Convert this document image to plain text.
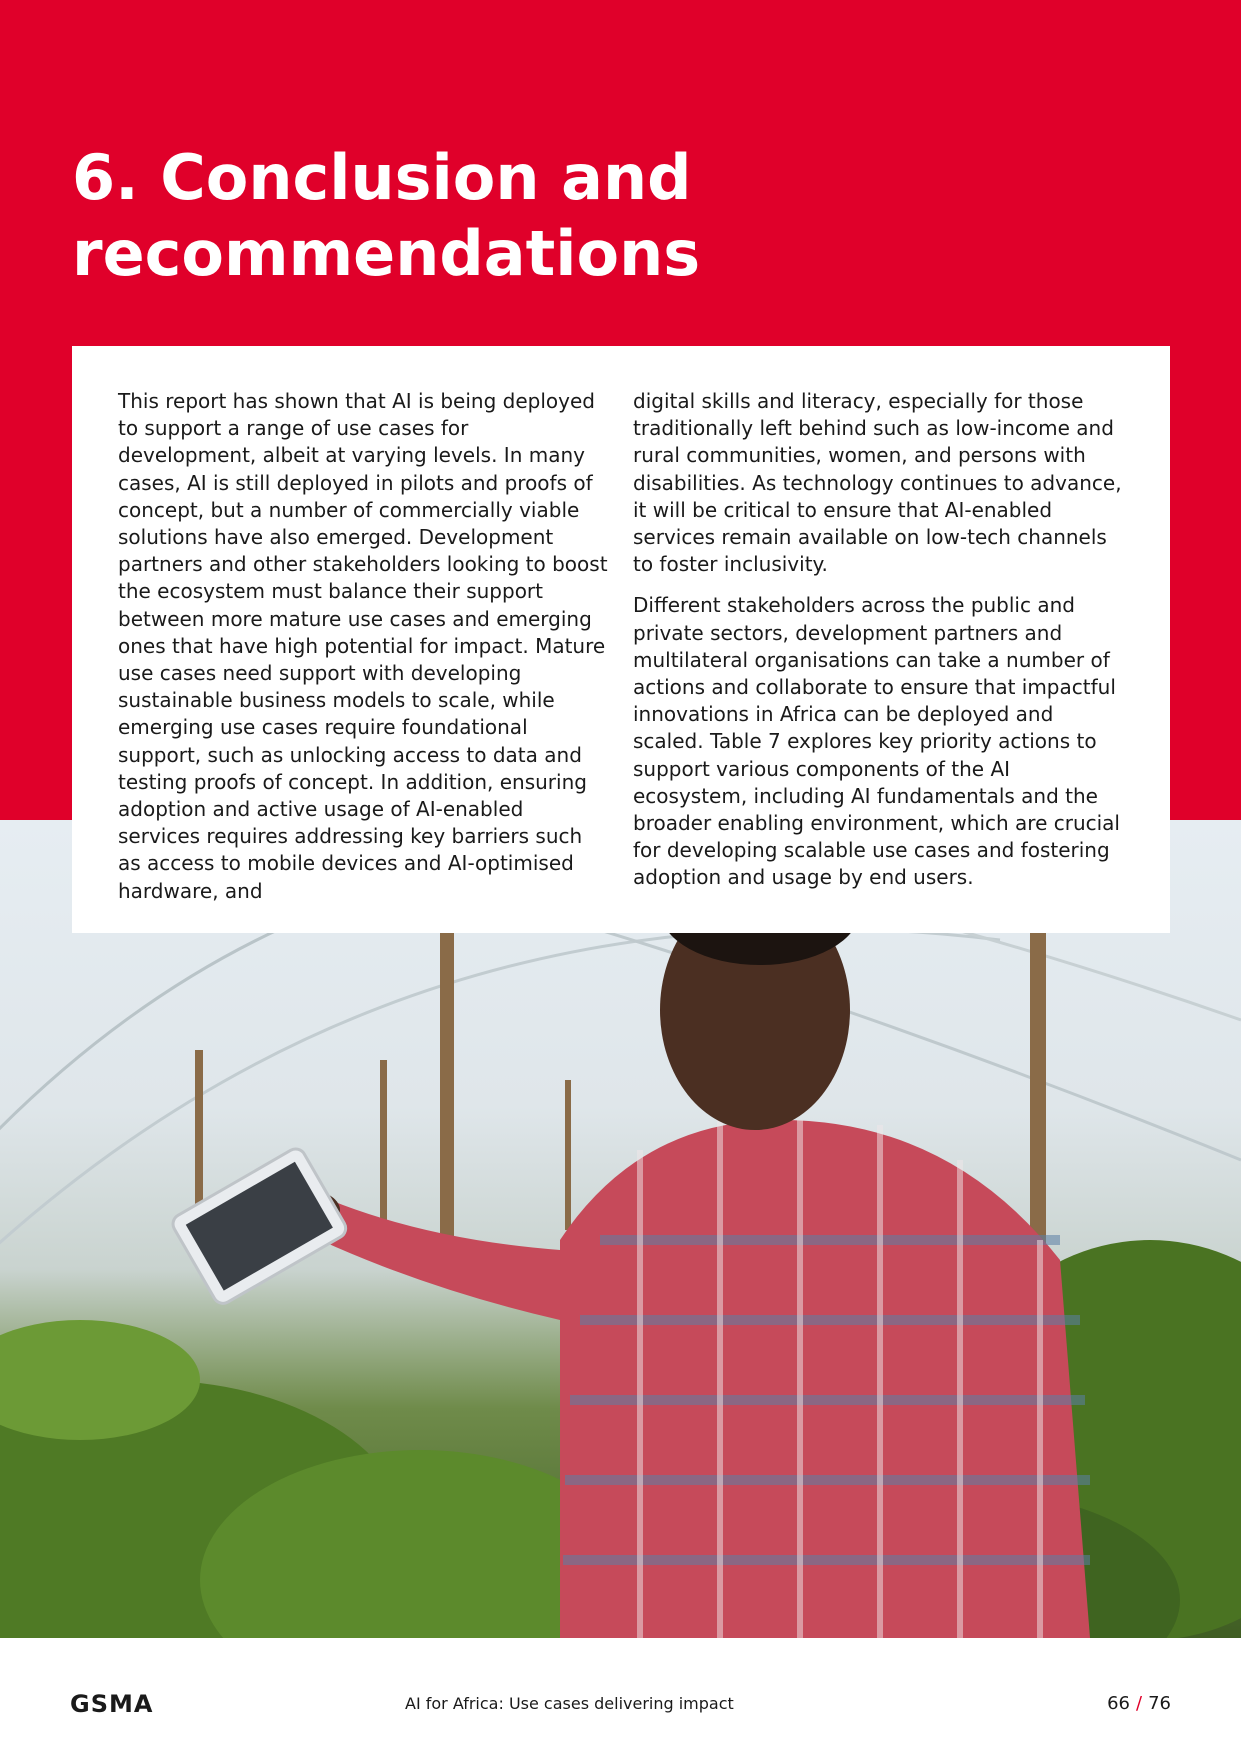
6. Conclusion and recommendations

This report has shown that AI is being deployed to support a range of use cases for development, albeit at varying levels. In many cases, AI is still deployed in pilots and proofs of concept, but a number of commercially viable solutions have also emerged. Development partners and other stakeholders looking to boost the ecosystem must balance their support between more mature use cases and emerging ones that have high potential for impact. Mature use cases need support with developing sustainable business models to scale, while emerging use cases require foundational support, such as unlocking access to data and testing proofs of concept. In addition, ensuring adoption and active usage of AI-enabled services requires addressing key barriers such as access to mobile devices and AI-optimised hardware, and

digital skills and literacy, especially for those traditionally left behind such as low-income and rural communities, women, and persons with disabilities. As technology continues to advance, it will be critical to ensure that AI-enabled services remain available on low-tech channels to foster inclusivity.

Different stakeholders across the public and private sectors, development partners and multilateral organisations can take a number of actions and collaborate to ensure that impactful innovations in Africa can be deployed and scaled. Table 7 explores key priority actions to support various components of the AI ecosystem, including AI fundamentals and the broader enabling environment, which are crucial for developing scalable use cases and fostering adoption and usage by end users.

GSMA	AI for Africa: Use cases delivering impact	66 / 76
